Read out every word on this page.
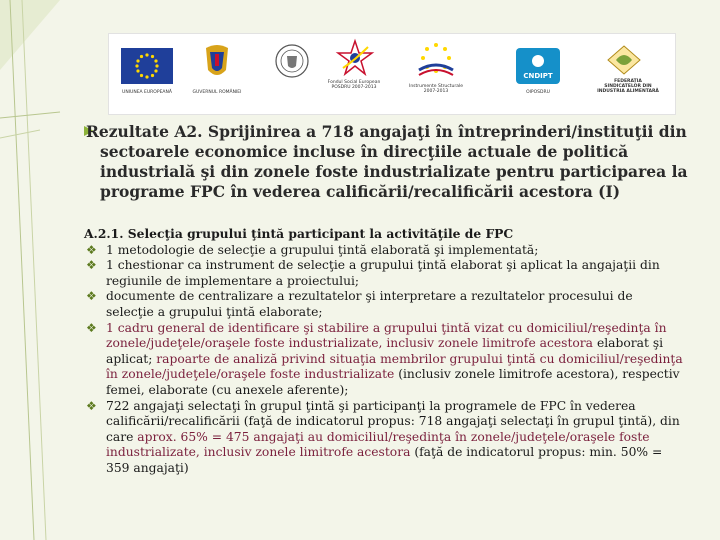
UNIUNEA EUROPEANĂ	GUVERNUL ROMÂNIEI
Fondul Social European POSDRU 2007-2013	Instrumente Structurale 2007-2013
CNDIPT
OIPOSDRU
FEDERAȚIA SINDICATELOR DIN INDUSTRIA ALIMENTARĂ
Rezultate A2. Sprijinirea a 718 angajaţi în întreprinderi/instituţii din sectoarele economice incluse în direcţiile actuale de politică industrială şi din zonele foste industrializate pentru participarea la programe FPC în vederea calificării/recalificării acestora (I)
A.2.1. Selecţia grupului ţintă participant la activităţile de FPC
❖ 1 metodologie de selecţie a grupului ţintă elaborată şi implementată;
❖ 1 chestionar ca instrument de selecţie a grupului ţintă elaborat şi aplicat la angajaţii din regiunile de implementare a proiectului;
❖ documente de centralizare a rezultatelor şi interpretare a rezultatelor procesului de selecţie a grupului ţintă elaborate;
❖ 1 cadru general de identificare şi stabilire a grupului ţintă vizat cu domiciliul/reşedinţa în zonele/judeţele/oraşele foste industrializate, inclusiv zonele limitrofe acestora elaborat şi aplicat; rapoarte de analiză privind situaţia membrilor grupului ţintă cu domiciliul/reşedinţa în zonele/judeţele/oraşele foste industrializate (inclusiv zonele limitrofe acestora), respectiv femei, elaborate (cu anexele aferente);
❖ 722 angajaţi selectaţi în grupul ţintă şi participanţi la programele de FPC în vederea calificării/recalificării (faţă de indicatorul propus: 718 angajaţi selectaţi în grupul ţintă), din care aprox. 65% = 475 angajaţi au domiciliul/reşedinţa în zonele/judeţele/oraşele foste industrializate, inclusiv zonele limitrofe acestora (faţă de indicatorul propus: min. 50% = 359 angajaţi)
